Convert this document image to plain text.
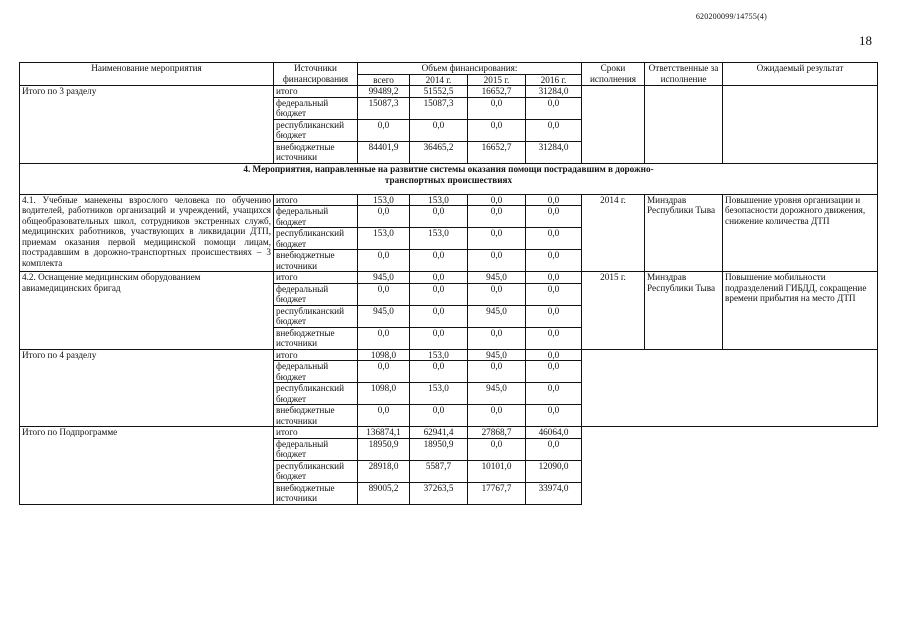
620200099/14755(4)
18
Наименование мероприятия	Источники финансирования	Объем финансирования:				Сроки исполнения	Ответственные за исполнение	Ожидаемый результат
		всего	2014 г.	2015 г.	2016 г.			
Итого по 3 разделу	итого	99489,2	51552,5	16652,7	31284,0			
	федеральный бюджет	15087,3	15087,3	0,0	0,0			
	республиканский бюджет	0,0	0,0	0,0	0,0			
	внебюджетные источники	84401,9	36465,2	16652,7	31284,0			
4. Мероприятия, направленные на развитие системы оказания помощи пострадавшим в дорожно-транспортных происшествиях								
4.1. Учебные манекены взрослого человека по обучению водителей, работников организаций и учреждений, учащихся общеобразовательных школ, сотрудников экстренных служб, медицинских работников, участвующих в ликвидации ДТП, приемам оказания первой медицинской помощи лицам, пострадавшим в дорожно-транспортных происшествиях – 3 комплекта	итого	153,0	153,0	0,0	0,0	2014 г.	Минздрав Республики Тыва	Повышение уровня организации и безопасности дорожного движения, снижение количества ДТП
	федеральный бюджет	0,0	0,0	0,0	0,0			
	республиканский бюджет	153,0	153,0	0,0	0,0			
	внебюджетные источники	0,0	0,0	0,0	0,0			
4.2. Оснащение медицинским оборудованием авиамедицинских бригад	итого	945,0	0,0	945,0	0,0	2015 г.	Минздрав Республики Тыва	Повышение мобильности подразделений ГИБДД, сокращение времени прибытия на место ДТП
	федеральный бюджет	0,0	0,0	0,0	0,0			
	республиканский бюджет	945,0	0,0	945,0	0,0			
	внебюджетные источники	0,0	0,0	0,0	0,0			
Итого по 4 разделу	итого	1098,0	153,0	945,0	0,0			
	федеральный бюджет	0,0	0,0	0,0	0,0			
	республиканский бюджет	1098,0	153,0	945,0	0,0			
	внебюджетные источники	0,0	0,0	0,0	0,0			
Итого по Подпрограмме	итого	136874,1	62941,4	27868,7	46064,0			
	федеральный бюджет	18950,9	18950,9	0,0	0,0			
	республиканский бюджет	28918,0	5587,7	10101,0	12090,0			
	внебюджетные источники	89005,2	37263,5	17767,7	33974,0			
